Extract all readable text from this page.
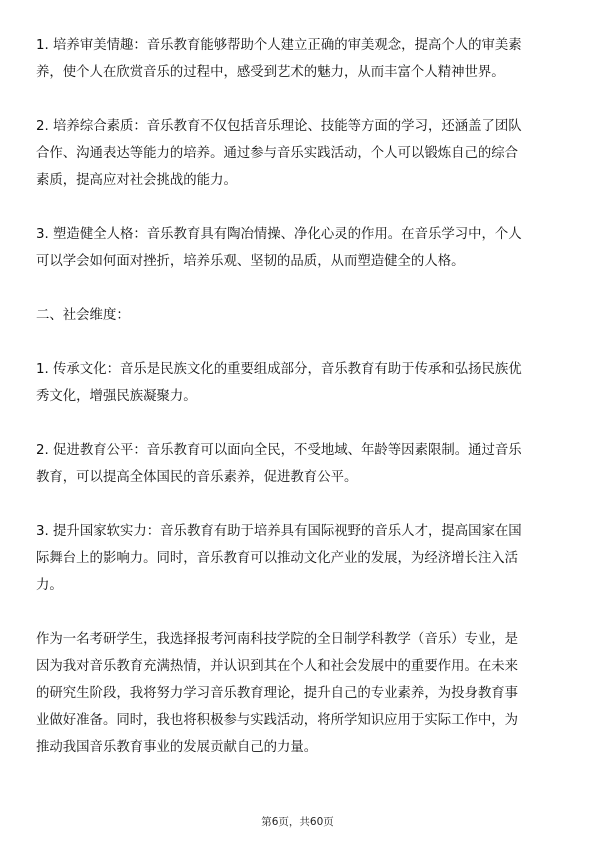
1. 培养审美情趣：音乐教育能够帮助个人建立正确的审美观念，提高个人的审美素
养，使个人在欣赏音乐的过程中，感受到艺术的魅力，从而丰富个人精神世界。

2. 培养综合素质：音乐教育不仅包括音乐理论、技能等方面的学习，还涵盖了团队
合作、沟通表达等能力的培养。通过参与音乐实践活动，个人可以锻炼自己的综合
素质，提高应对社会挑战的能力。

3. 塑造健全人格：音乐教育具有陶冶情操、净化心灵的作用。在音乐学习中，个人
可以学会如何面对挫折，培养乐观、坚韧的品质，从而塑造健全的人格。

二、社会维度：

1. 传承文化：音乐是民族文化的重要组成部分，音乐教育有助于传承和弘扬民族优
秀文化，增强民族凝聚力。

2. 促进教育公平：音乐教育可以面向全民，不受地域、年龄等因素限制。通过音乐
教育，可以提高全体国民的音乐素养，促进教育公平。

3. 提升国家软实力：音乐教育有助于培养具有国际视野的音乐人才，提高国家在国
际舞台上的影响力。同时，音乐教育可以推动文化产业的发展，为经济增长注入活
力。

作为一名考研学生，我选择报考河南科技学院的全日制学科教学（音乐）专业，是
因为我对音乐教育充满热情，并认识到其在个人和社会发展中的重要作用。在未来
的研究生阶段，我将努力学习音乐教育理论，提升自己的专业素养，为投身教育事
业做好准备。同时，我也将积极参与实践活动，将所学知识应用于实际工作中，为
推动我国音乐教育事业的发展贡献自己的力量。

第6页，共60页
